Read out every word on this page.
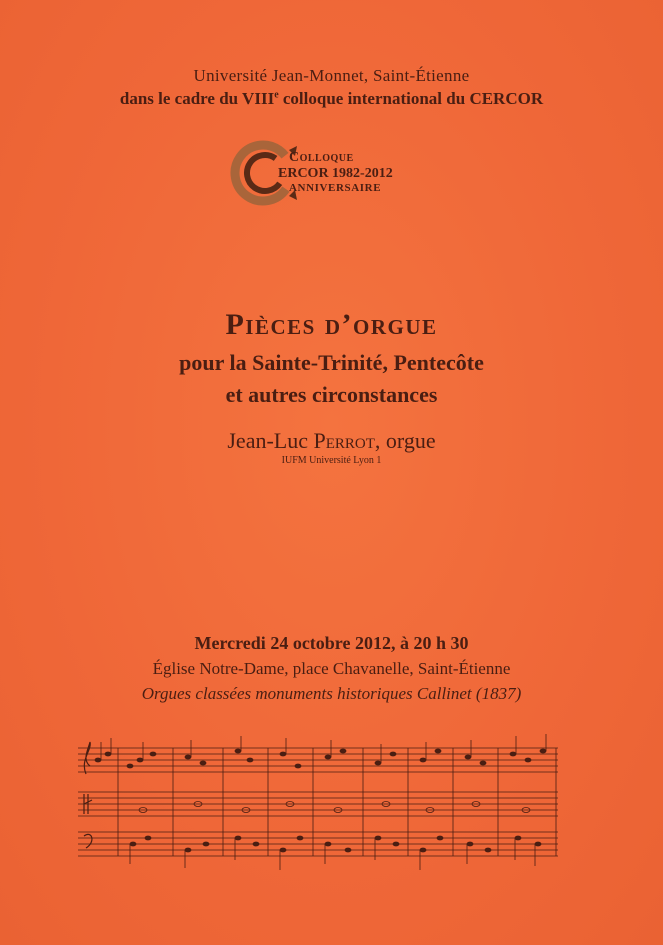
Université Jean-Monnet, Saint-Étienne
dans le cadre du VIIIe colloque international du CERCOR
Colloque
ERCOR 1982-2012
ANNIVERSAIRE
Pièces d’orgue
pour la Sainte-Trinité, Pentecôte
et autres circonstances
Jean-Luc Perrot, orgue
IUFM Université Lyon 1
Mercredi 24 octobre 2012, à 20 h 30
Église Notre-Dame, place Chavanelle, Saint-Étienne
Orgues classées monuments historiques Callinet (1837)
